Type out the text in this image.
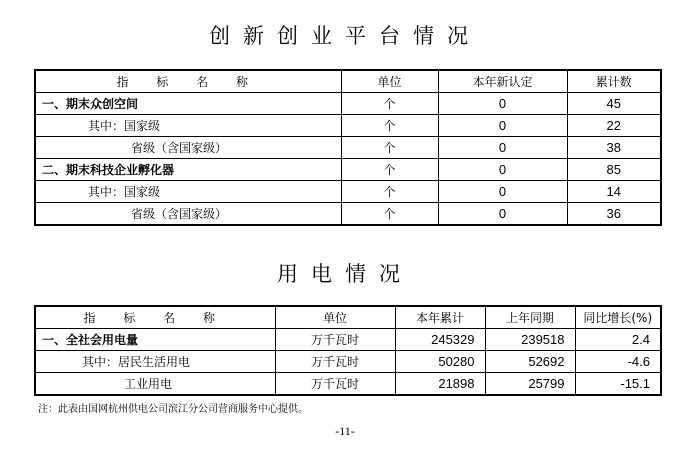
创新创业平台情况
指 标 名 称	单位	本年新认定	累计数
一、期末众创空间	个	0	45
其中：国家级	个	0	22
省级（含国家级）	个	0	38
二、期末科技企业孵化器	个	0	85
其中：国家级	个	0	14
省级（含国家级）	个	0	36
用电情况
指 标 名 称	单位	本年累计	上年同期	同比增长(%)
一、全社会用电量	万千瓦时	245329	239518	2.4
其中：居民生活用电	万千瓦时	50280	52692	-4.6
工业用电	万千瓦时	21898	25799	-15.1
注：此表由国网杭州供电公司滨江分公司营商服务中心提供。
-11-
